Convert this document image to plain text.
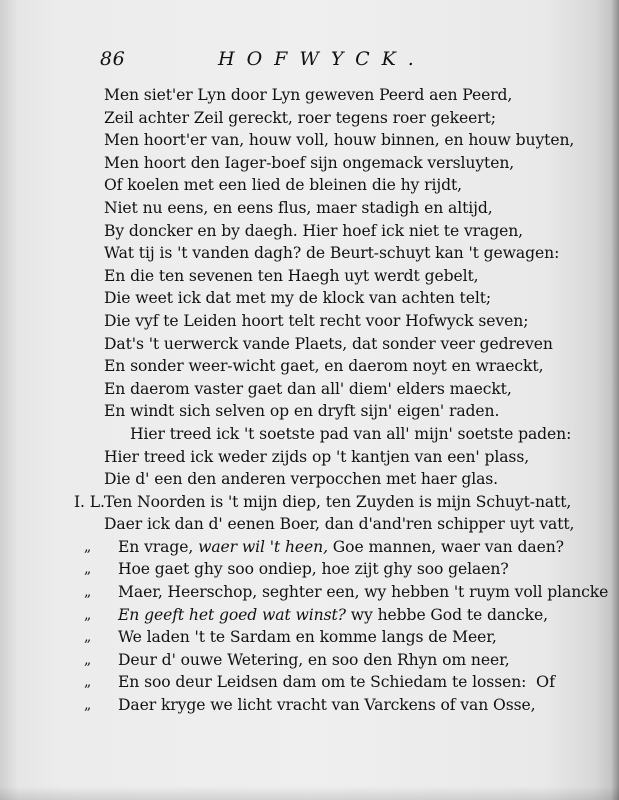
86	HOFWYCK.
Men siet'er Lyn door Lyn geweven Peerd aen Peerd,
Zeil achter Zeil gereckt, roer tegens roer gekeert;
Men hoort'er van, houw voll, houw binnen, en houw buyten,
Men hoort den Iager-boef sijn ongemack versluyten,
Of koelen met een lied de bleinen die hy rijdt,
Niet nu eens, en eens flus, maer stadigh en altijd,
By doncker en by daegh. Hier hoef ick niet te vragen,
Wat tij is 't vanden dagh? de Beurt-schuyt kan 't gewagen:
En die ten sevenen ten Haegh uyt werdt gebelt,
Die weet ick dat met my de klock van achten telt;
Die vyf te Leiden hoort telt recht voor Hofwyck seven;
Dat's 't uerwerck vande Plaets, dat sonder veer gedreven
En sonder weer-wicht gaet, en daerom noyt en wraeckt,
En daerom vaster gaet dan all' diem' elders maeckt,
En windt sich selven op en dryft sijn' eigen' raden.
Hier treed ick 't soetste pad van all' mijn' soetste paden:
Hier treed ick weder zijds op 't kantjen van een' plass,
Die d' een den anderen verpocchen met haer glas.
I. L. Ten Noorden is 't mijn diep, ten Zuyden is mijn Schuyt-natt,
Daer ick dan d' eenen Boer, dan d'and'ren schipper uyt vatt,
„	En vrage, waer wil 't heen, Goe mannen, waer van daen?
„	Hoe gaet ghy soo ondiep, hoe zijt ghy soo gelaen?
„	Maer, Heerschop, seghter een, wy hebben 't ruym voll plancke
„	En geeft het goed wat winst? wy hebbe God te dancke,
„	We laden 't te Sardam en komme langs de Meer,
„	Deur d' ouwe Wetering, en soo den Rhyn om neer,
„	En soo deur Leidsen dam om te Schiedam te lossen:
„	Daer kryge we licht vracht van Varckens of van Osse,
Of
